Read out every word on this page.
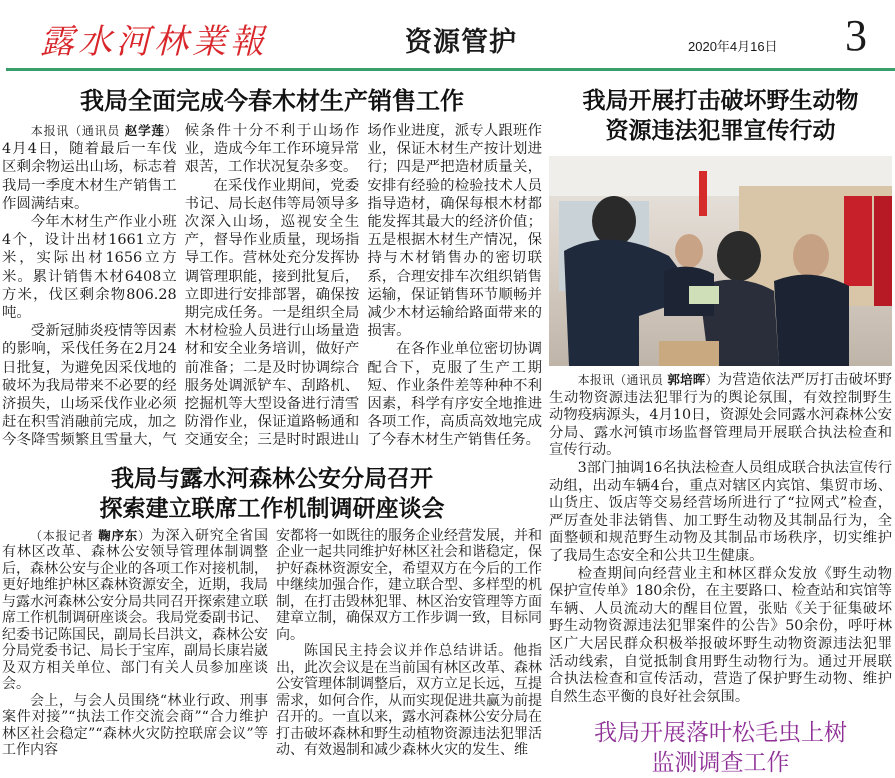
露水河林業報	资源管护	2020年4月16日 3
我局全面完成今春木材生产销售工作

本报讯（通讯员 赵学莲）4月4日，随着最后一车伐区剩余物运出山场，标志着我局一季度木材生产销售工作圆满结束。

今年木材生产作业小班4个，设计出材1661立方米，实际出材1656立方米。累计销售木材6408立方米，伐区剩余物806.28吨。

受新冠肺炎疫情等因素的影响，采伐任务在2月24日批复，为避免因采伐地的破坏为我局带来不必要的经济损失，山场采伐作业必须赶在积雪消融前完成，加之今冬降雪频繁且雪量大，气候条件十分不利于山场作业，造成今年工作环境异常艰苦，工作状况复杂多变。

在采伐作业期间，党委书记、局长赵伟等局领导多次深入山场，巡视安全生产，督导作业质量，现场指导工作。营林处充分发挥协调管理职能，接到批复后，立即进行安排部署，确保按期完成任务。一是组织全局木材检验人员进行山场量造材和安全业务培训，做好产前准备；二是及时协调综合服务处调派铲车、刮路机、挖掘机等大型设备进行清雪防滑作业，保证道路畅通和交通安全；三是时时跟进山场作业进度，派专人跟班作业，保证木材生产按计划进行；四是严把造材质量关，安排有经验的检验技术人员指导造材，确保每根木材都能发挥其最大的经济价值；五是根据木材生产情况，保持与木材销售办的密切联系，合理安排车次组织销售运输，保证销售环节顺畅并减少木材运输给路面带来的损害。

在各作业单位密切协调配合下，克服了生产工期短、作业条件差等种种不利因素，科学有序安全地推进各项工作，高质高效地完成了今春木材生产销售任务。

我局与露水河森林公安分局召开
探索建立联席工作机制调研座谈会

（本报记者 鞠序东）为深入研究全省国有林区改革、森林公安领导管理体制调整后，森林公安与企业的各项工作对接机制，更好地维护林区森林资源安全，近期，我局与露水河森林公安分局共同召开探索建立联席工作机制调研座谈会。我局党委副书记、纪委书记陈国民，副局长吕洪文，森林公安分局党委书记、局长于宝库，副局长康岩崴及双方相关单位、部门有关人员参加座谈会。

会上，与会人员围绕“林业行政、刑事案件对接”“执法工作交流会商”“合力维护林区社会稳定”“森林火灾防控联席会议”等工作内容

安都将一如既往的服务企业经营发展，并和企业一起共同维护好林区社会和谐稳定，保护好森林资源安全，希望双方在今后的工作中继续加强合作，建立联合型、多样型的机制，在打击毁林犯罪、林区治安管理等方面建章立制，确保双方工作步调一致，目标同向。

陈国民主持会议并作总结讲话。他指出，此次会议是在当前国有林区改革、森林公安管理体制调整后，双方立足长远，互提需求，如何合作，从而实现促进共赢为前提召开的。一直以来，露水河森林公安分局在打击破坏森林和野生动植物资源违法犯罪活动、有效遏制和减少森林火灾的发生、维

我局开展打击破坏野生动物
资源违法犯罪宣传行动

本报讯（通讯员 郭培晖）为营造依法严厉打击破坏野生动物资源违法犯罪行为的舆论氛围，有效控制野生动物疫病源头，4月10日，资源处会同露水河森林公安分局、露水河镇市场监督管理局开展联合执法检查和宣传行动。

3部门抽调16名执法检查人员组成联合执法宣传行动组，出动车辆4台，重点对辖区内宾馆、集贸市场、山货庄、饭店等交易经营场所进行了“拉网式”检查，严厉查处非法销售、加工野生动物及其制品行为，全面整顿和规范野生动物及其制品市场秩序，切实维护了我局生态安全和公共卫生健康。

检查期间向经营业主和林区群众发放《野生动物保护宣传单》180余份，在主要路口、检查站和宾馆等车辆、人员流动大的醒目位置，张贴《关于征集破坏野生动物资源违法犯罪案件的公告》50余份，呼吁林区广大居民群众积极举报破坏野生动物资源违法犯罪活动线索，自觉抵制食用野生动物行为。通过开展联合执法检查和宣传活动，营造了保护野生动物、维护自然生态平衡的良好社会氛围。

我局开展落叶松毛虫上树
监测调查工作
